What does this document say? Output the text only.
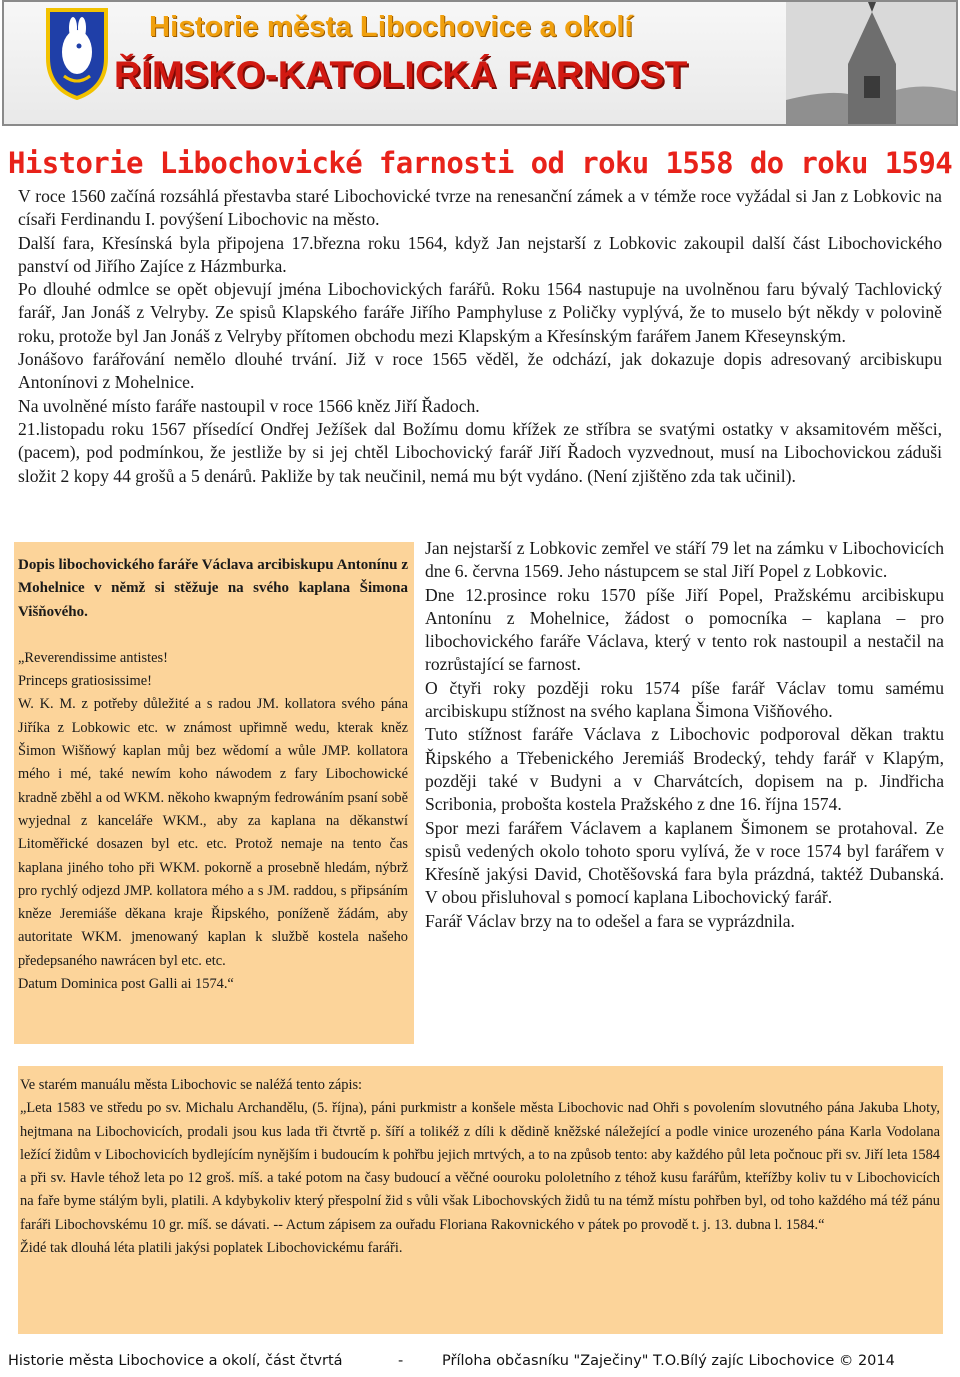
Historie města Libochovice a okolí
ŘÍMSKO-KATOLICKÁ FARNOST
Historie Libochovické farnosti od roku 1558 do roku 1594

V roce 1560 začíná rozsáhlá přestavba staré Libochovické tvrze na renesanční zámek a v témže roce vyžádal si Jan z Lobkovic na císaři Ferdinandu I. povýšení Libochovic na město.

Další fara, Křesínská byla připojena 17.března roku 1564, když Jan nejstarší z Lobkovic zakoupil další část Libochovického panství od Jiřího Zajíce z Házmburka.

Po dlouhé odmlce se opět objevují jména Libochovických farářů. Roku 1564 nastupuje na uvolněnou faru bývalý Tachlovický farář, Jan Jonáš z Velryby. Ze spisů Klapského faráře Jiřího Pamphyluse z Poličky vyplývá, že to muselo být někdy v polovině roku, protože byl Jan Jonáš z Velryby přítomen obchodu mezi Klapským a Křesínským farářem Janem Křeseynským.

Jonášovo farářování nemělo dlouhé trvání. Již v roce 1565 věděl, že odchází, jak dokazuje dopis adresovaný arcibiskupu Antonínovi z Mohelnice.

Na uvolněné místo faráře nastoupil v roce 1566 kněz Jiří Řadoch.

21.listopadu roku 1567 přísedící Ondřej Ježíšek dal Božímu domu křížek ze stříbra se svatými ostatky v aksamitovém měšci, (pacem), pod podmínkou, že jestliže by si jej chtěl Libochovický farář Jiří Řadoch vyzvednout, musí na Libochovickou záduši složit 2 kopy 44 grošů a 5 denárů. Pakliže by tak neučinil, nemá mu být vydáno. (Není zjištěno zda tak učinil).

Dopis libochovického faráře Václava arcibiskupu Antonínu z Mohelnice v němž si stěžuje na svého kaplana Šimona Višňového.

„Reverendissime antistes!

Princeps gratiosissime!

W. K. M. z potřeby důležité a s radou JM. kollatora svého pána Jiříka z Lobkowic etc. w známost upřimně wedu, kterak kněz Šimon Wišňowý kaplan můj bez wědomí a wůle JMP. kollatora mého i mé, také newím koho náwodem z fary Libochowické kradně zběhl a od WKM. někoho kwapným fedrowáním psaní sobě wyjednal z kanceláře WKM., aby za kaplana na děkanstwí Litoměřické dosazen byl etc. etc. Protož nemaje na tento čas kaplana jiného toho při WKM. pokorně a prosebně hledám, nýbrž pro rychlý odjezd JMP. kollatora mého a s JM. raddou, s připsáním kněze Jeremiáše děkana kraje Řipského, poníženě žádám, aby autoritate WKM. jmenowaný kaplan k službě kostela našeho předepsaného nawrácen byl etc. etc.

Datum Dominica post Galli ai 1574.“

Jan nejstarší z Lobkovic zemřel ve stáří 79 let na zámku v Libochovicích dne 6. června 1569. Jeho nástupcem se stal Jiří Popel z Lobkovic.

Dne 12.prosince roku 1570 píše Jiří Popel, Pražskému arcibiskupu Antonínu z Mohelnice, žádost o pomocníka – kaplana – pro libochovického faráře Václava, který v tento rok nastoupil a nestačil na rozrůstající se farnost.

O čtyři roky později roku 1574 píše farář Václav tomu samému arcibiskupu stížnost na svého kaplana Šimona Višňového.

Tuto stížnost faráře Václava z Libochovic podporoval děkan traktu Řipského a Třebenického Jeremiáš Brodecký, tehdy farář v Klapým, později také v Budyni a v Charvátcích, dopisem na p. Jindřicha Scribonia, probošta kostela Pražského z dne 16. října 1574.

Spor mezi farářem Václavem a kaplanem Šimonem se protahoval. Ze spisů vedených okolo tohoto sporu vylívá, že v roce 1574 byl farářem v Křesíně jakýsi David, Chotěšovská fara byla prázdná, taktéž Dubanská. V obou přisluhoval s pomocí kaplana Libochovický farář.

Farář Václav brzy na to odešel a fara se vyprázdnila.

Ve starém manuálu města Libochovic se naléžá tento zápis:

„Leta 1583 ve středu po sv. Michalu Archandělu, (5. října), páni purkmistr a konšele města Libochovic nad Ohři s povolením slovutného pána Jakuba Lhoty, hejtmana na Libochovicích, prodali jsou kus lada tři čtvrtě p. šíří a tolikéž z díli k dědině kněžské náležející a podle vinice urozeného pána Karla Vodolana ležící židům v Libochovicích bydlejícím nynějším i budoucím k pohřbu jejich mrtvých, a to na způsob tento: aby každého půl leta počnouc při sv. Jiří leta 1584 a při sv. Havle téhož leta po 12 groš. míš. a také potom na časy budoucí a věčné oouroku pololetního z téhož kusu farářům, kteřížby koliv tu v Libochovicích na faře byme stálým byli, platili. A kdybykoliv který přespolní žid s vůli však Libochovských židů tu na témž místu pohřben byl, od toho každého má též pánu faráři Libochovskému 10 gr. míš. se dávati. -- Actum zápisem za ouřadu Floriana Rakovnického v pátek po provodě t. j. 13. dubna l. 1584.“

Židé tak dlouhá léta platili jakýsi poplatek Libochovickému faráři.

Historie města Libochovice a okolí, část čtvrtá	-	Příloha občasníku "Zaječiny" T.O.Bílý zajíc Libochovice © 2014
